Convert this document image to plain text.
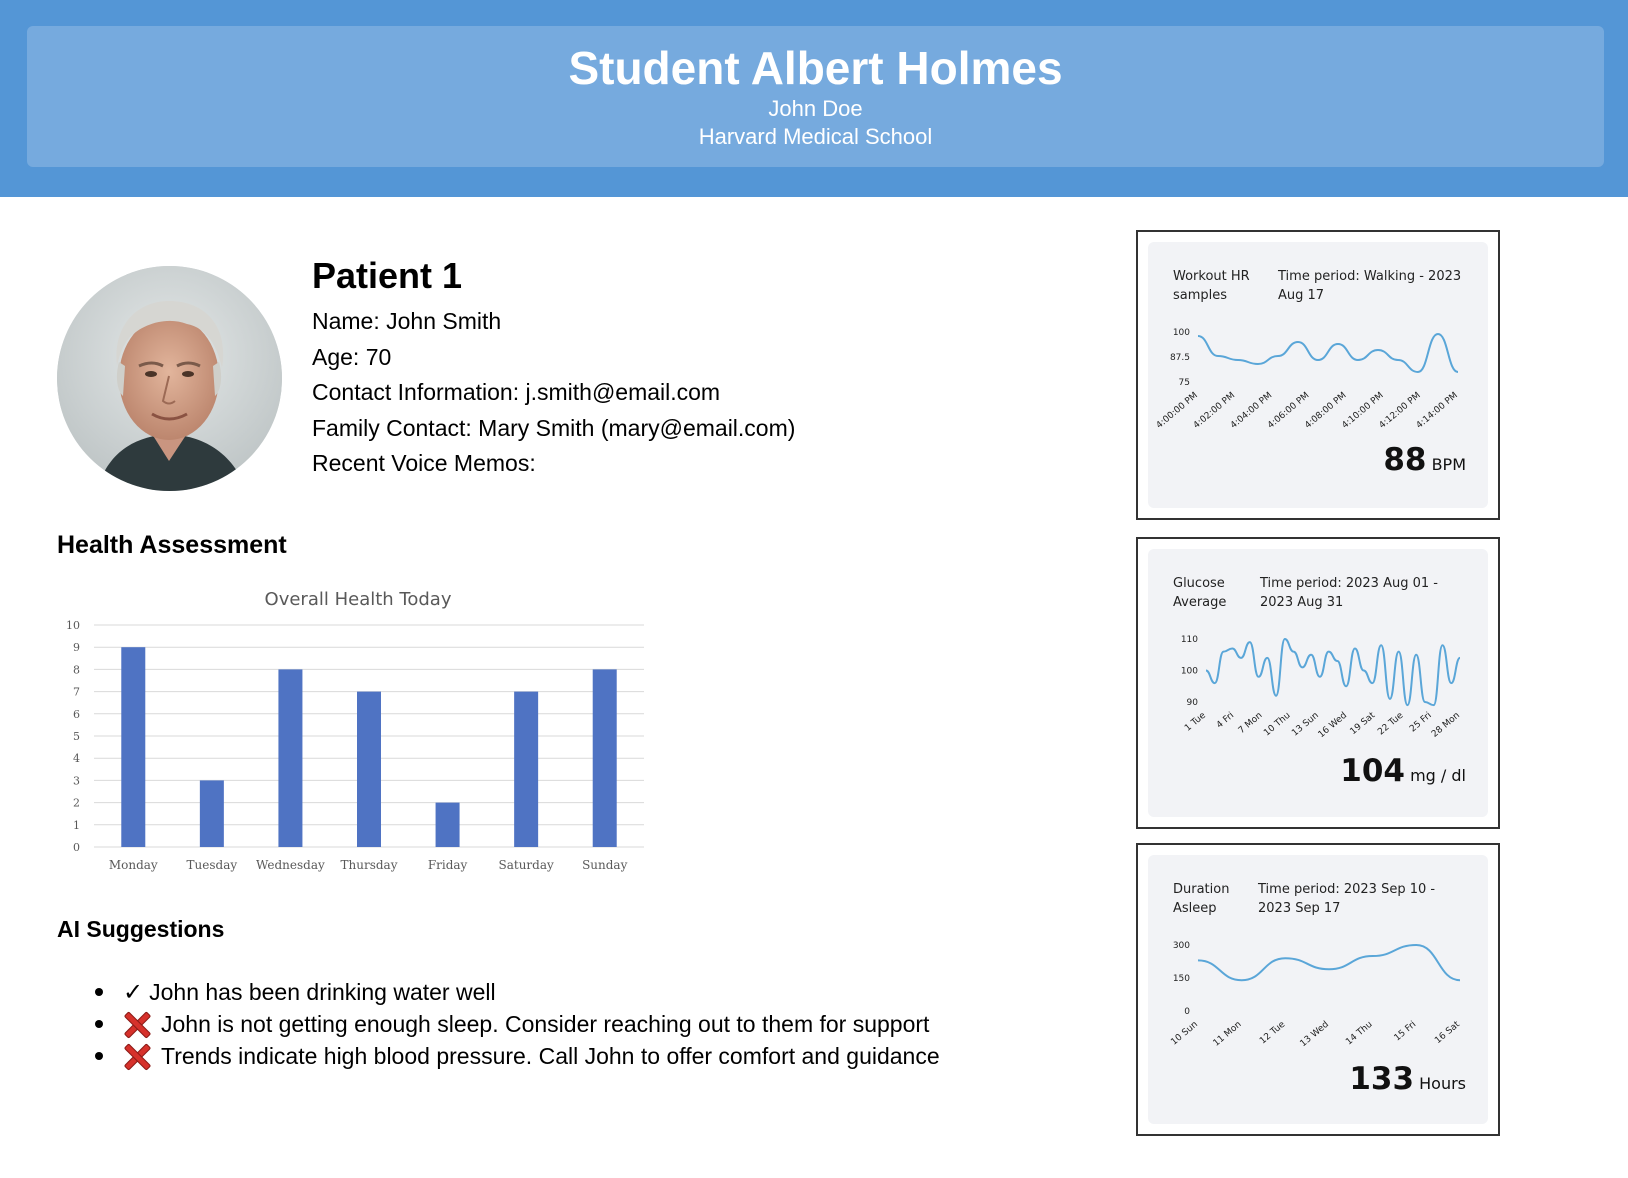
Student Albert Holmes
John Doe
Harvard Medical School
Patient 1
Name: John Smith
Age: 70
Contact Information: j.smith@email.com
Family Contact: Mary Smith (mary@email.com)
Recent Voice Memos:
Health Assessment
Overall Health Today
0
1
2
3
4
5
6
7
8
9
10
Monday Tuesday Wednesday Thursday	Friday	Saturday Sunday
AI Suggestions
✓ John has been drinking water well
John is not getting enough sleep. Consider reaching out to them for support
Trends indicate high blood pressure. Call John to offer comfort and guidance
Workout HR samples
Time period: Walking - 2023 Aug 17
100
87.5
75
4:00:00 PM
4:02:00 PM
4:04:00 PM
4:06:00 PM
4:08:00 PM
4:10:00 PM
4:12:00 PM
4:14:00 PM
88 BPM
Glucose Average
Time period: 2023 Aug 01 - 2023 Aug 31
110
100
90
1 Tue 4 Fri 7 Mon
10 Thu
13 Sun
16 Wed 19 Sat 22 Tue 25 Fri
28 Mon
104 mg / dl
Duration Asleep
Time period: 2023 Sep 10 - 2023 Sep 17
300
150
0
10 Sun 11 Mon 12 Tue 13 Wed 14 Thu 15 Fri 16 Sat
133 Hours
